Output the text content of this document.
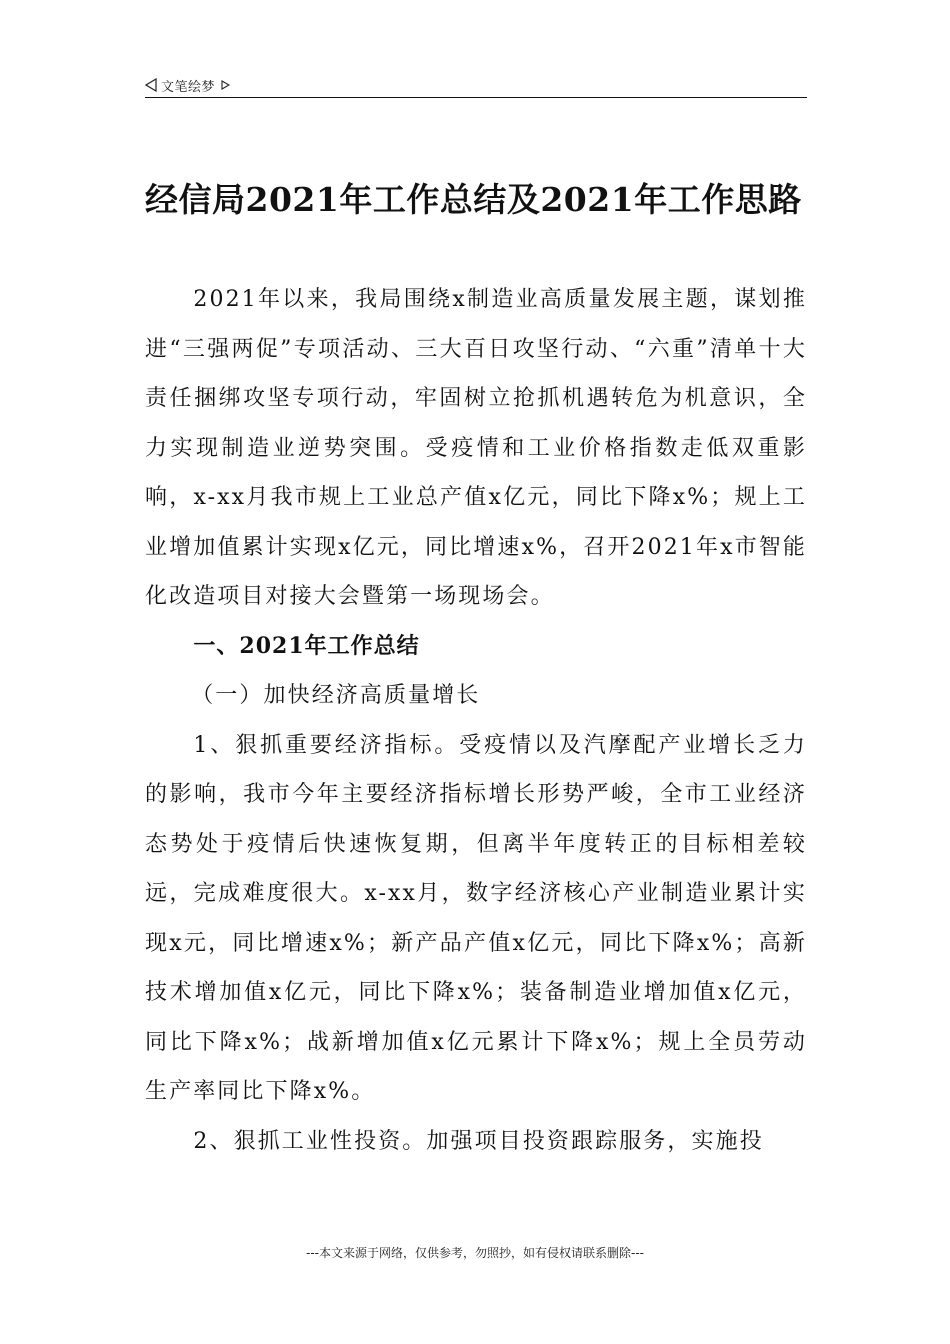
文笔绘梦
经信局2021年工作总结及2021年工作思路

2021年以来，我局围绕x制造业高质量发展主题，谋划推进“三强两促”专项活动、三大百日攻坚行动、“六重”清单十大责任捆绑攻坚专项行动，牢固树立抢抓机遇转危为机意识，全力实现制造业逆势突围。受疫情和工业价格指数走低双重影响，x-xx月我市规上工业总产值x亿元，同比下降x%；规上工业增加值累计实现x亿元，同比增速x%，召开2021年x市智能化改造项目对接大会暨第一场现场会。

一、2021年工作总结

（一）加快经济高质量增长

1、狠抓重要经济指标。受疫情以及汽摩配产业增长乏力的影响，我市今年主要经济指标增长形势严峻，全市工业经济态势处于疫情后快速恢复期，但离半年度转正的目标相差较远，完成难度很大。x-xx月，数字经济核心产业制造业累计实现x元，同比增速x%；新产品产值x亿元，同比下降x%；高新技术增加值x亿元，同比下降x%；装备制造业增加值x亿元，同比下降x%；战新增加值x亿元累计下降x%；规上全员劳动生产率同比下降x%。

2、狠抓工业性投资。加强项目投资跟踪服务，实施投

---本文来源于网络，仅供参考，勿照抄，如有侵权请联系删除---
